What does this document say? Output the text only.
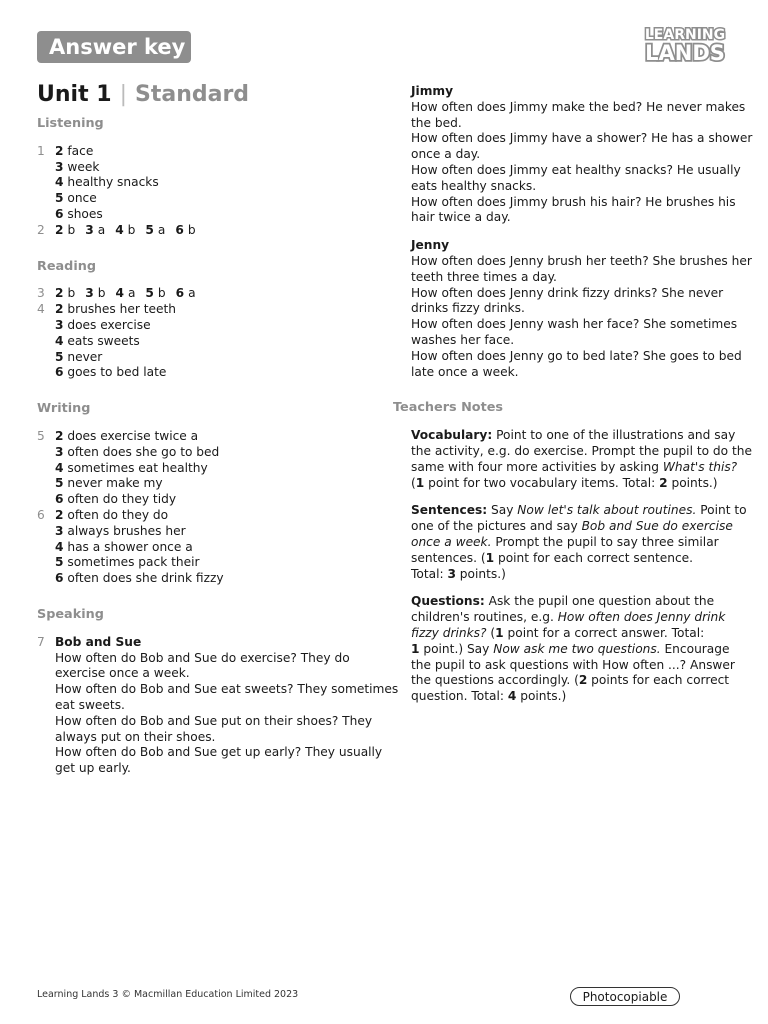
Answer key	LEARNING
LANDS
Unit 1 | Standard
Listening
1 2 face
3 week
4 healthy snacks
5 once
6 shoes
2 2 b 3 a 4 b 5 a 6 b
Reading
3 2 b 3 b 4 a 5 b 6 a
4 2 brushes her teeth
3 does exercise
4 eats sweets
5 never
6 goes to bed late
Writing
5 2 does exercise twice a
3 often does she go to bed
4 sometimes eat healthy
5 never make my
6 often do they tidy
6 2 often do they do
3 always brushes her
4 has a shower once a
5 sometimes pack their
6 often does she drink fizzy
Speaking
7 Bob and Sue
How often do Bob and Sue do exercise? They do
exercise once a week.
How often do Bob and Sue eat sweets? They sometimes
eat sweets.
How often do Bob and Sue put on their shoes? They
always put on their shoes.
How often do Bob and Sue get up early? They usually
get up early.
Jimmy
How often does Jimmy make the bed? He never makes
the bed.
How often does Jimmy have a shower? He has a shower
once a day.
How often does Jimmy eat healthy snacks? He usually
eats healthy snacks.
How often does Jimmy brush his hair? He brushes his
hair twice a day.
Jenny
How often does Jenny brush her teeth? She brushes her
teeth three times a day.
How often does Jenny drink fizzy drinks? She never
drinks fizzy drinks.
How often does Jenny wash her face? She sometimes
washes her face.
How often does Jenny go to bed late? She goes to bed
late once a week.
Teachers Notes
Vocabulary: Point to one of the illustrations and say
the activity, e.g. do exercise. Prompt the pupil to do the
same with four more activities by asking What's this?
(1 point for two vocabulary items. Total: 2 points.)
Sentences: Say Now let's talk about routines. Point to
one of the pictures and say Bob and Sue do exercise
once a week. Prompt the pupil to say three similar
sentences. (1 point for each correct sentence.
Total: 3 points.)
Questions: Ask the pupil one question about the
children's routines, e.g. How often does Jenny drink
fizzy drinks? (1 point for a correct answer. Total:
1 point.) Say Now ask me two questions. Encourage
the pupil to ask questions with How often ...? Answer
the questions accordingly. (2 points for each correct
question. Total: 4 points.)
Learning Lands 3 © Macmillan Education Limited 2023	Photocopiable
